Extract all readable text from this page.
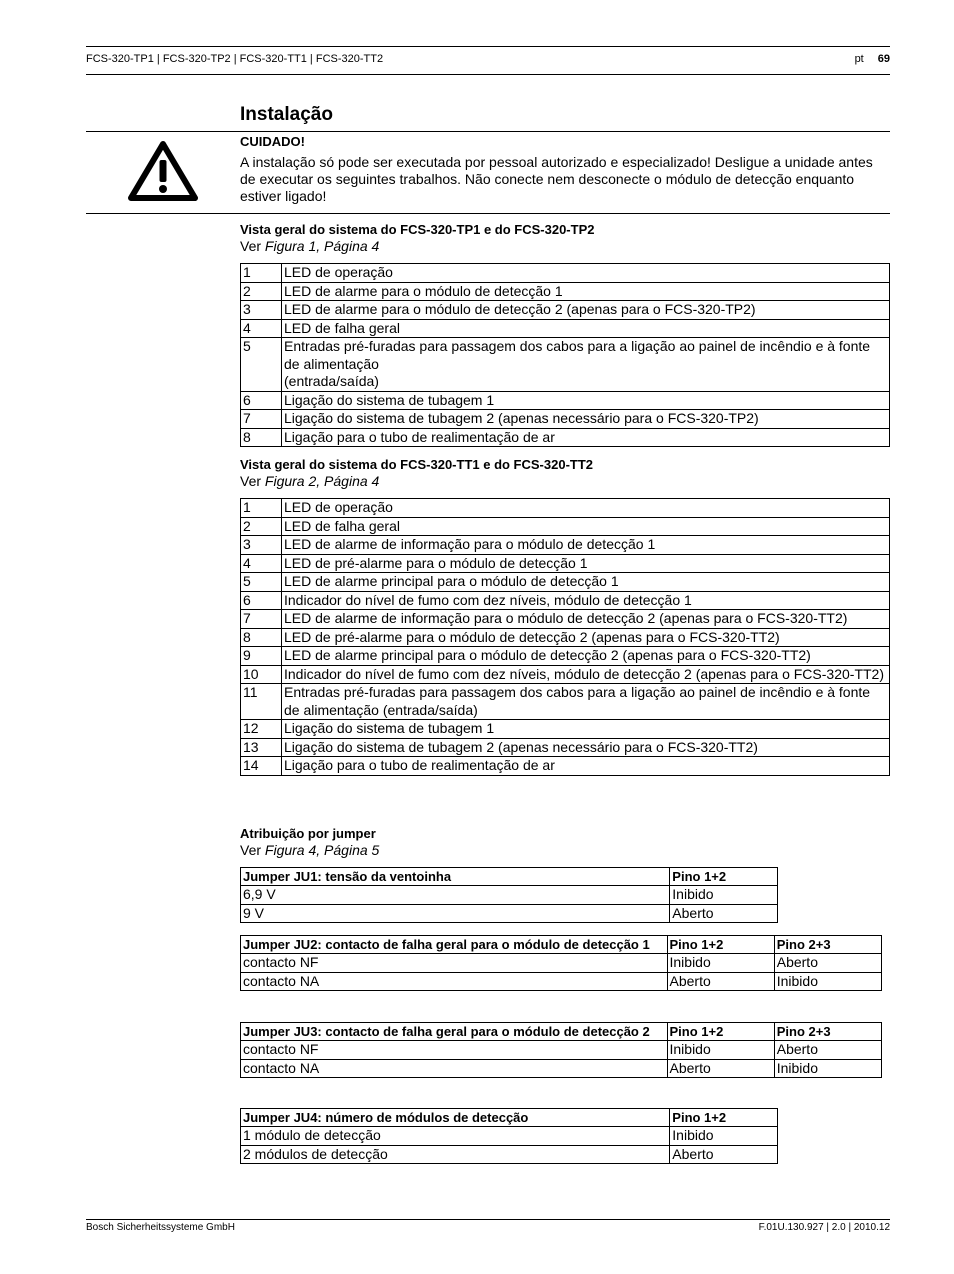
FCS-320-TP1 | FCS-320-TP2 | FCS-320-TT1 | FCS-320-TT2	pt 69
Instalação
CUIDADO!
A instalação só pode ser executada por pessoal autorizado e especializado! Desligue a unidade antes de executar os seguintes trabalhos. Não conecte nem desconecte o módulo de detecção enquanto estiver ligado!
Vista geral do sistema do FCS-320-TP1 e do FCS-320-TP2
Ver Figura 1, Página 4
1	LED de operação
2	LED de alarme para o módulo de detecção 1
3	LED de alarme para o módulo de detecção 2 (apenas para o FCS-320-TP2)
4	LED de falha geral
5	Entradas pré-furadas para passagem dos cabos para a ligação ao painel de incêndio e à fonte de alimentação
(entrada/saída)
6	Ligação do sistema de tubagem 1
7	Ligação do sistema de tubagem 2 (apenas necessário para o FCS-320-TP2)
8	Ligação para o tubo de realimentação de ar
Vista geral do sistema do FCS-320-TT1 e do FCS-320-TT2
Ver Figura 2, Página 4
1	LED de operação
2	LED de falha geral
3	LED de alarme de informação para o módulo de detecção 1
4	LED de pré-alarme para o módulo de detecção 1
5	LED de alarme principal para o módulo de detecção 1
6	Indicador do nível de fumo com dez níveis, módulo de detecção 1
7	LED de alarme de informação para o módulo de detecção 2 (apenas para o FCS-320-TT2)
8	LED de pré-alarme para o módulo de detecção 2 (apenas para o FCS-320-TT2)
9	LED de alarme principal para o módulo de detecção 2 (apenas para o FCS-320-TT2)
10	Indicador do nível de fumo com dez níveis, módulo de detecção 2 (apenas para o FCS-320-TT2)
11	Entradas pré-furadas para passagem dos cabos para a ligação ao painel de incêndio e à fonte de alimentação (entrada/saída)
12	Ligação do sistema de tubagem 1
13	Ligação do sistema de tubagem 2 (apenas necessário para o FCS-320-TT2)
14	Ligação para o tubo de realimentação de ar
Atribuição por jumper
Ver Figura 4, Página 5
Jumper JU1: tensão da ventoinha	Pino 1+2
6,9 V	Inibido
9 V	Aberto
Jumper JU2: contacto de falha geral para o módulo de detecção 1	Pino 1+2	Pino 2+3
contacto NF	Inibido	Aberto
contacto NA	Aberto	Inibido
Jumper JU3: contacto de falha geral para o módulo de detecção 2	Pino 1+2	Pino 2+3
contacto NF	Inibido	Aberto
contacto NA	Aberto	Inibido
Jumper JU4: número de módulos de detecção	Pino 1+2
1 módulo de detecção	Inibido
2 módulos de detecção	Aberto
Bosch Sicherheitssysteme GmbH	F.01U.130.927 | 2.0 | 2010.12
